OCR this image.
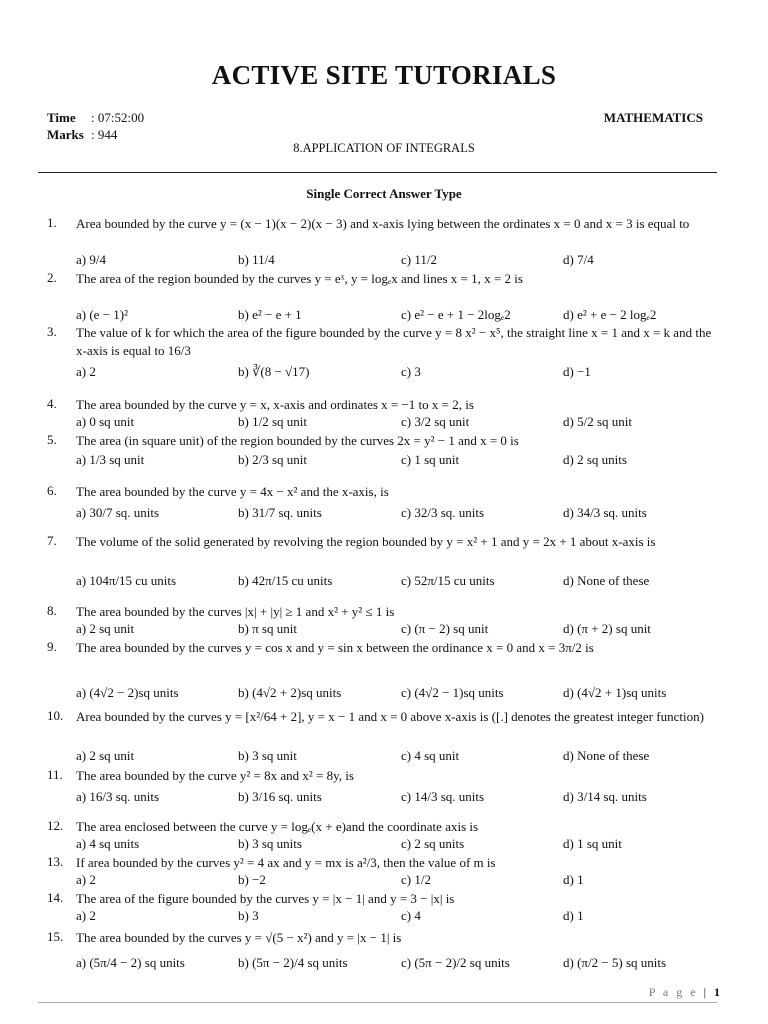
ACTIVE SITE TUTORIALS
Time : 07:52:00
Marks : 944
MATHEMATICS
8.APPLICATION OF INTEGRALS
Single Correct Answer Type
1. Area bounded by the curve y = (x − 1)(x − 2)(x − 3) and x-axis lying between the ordinates x = 0 and x = 3 is equal to
a) 9/4	b) 11/4	c) 11/2	d) 7/4
2. The area of the region bounded by the curves y = eˣ, y = logₑx and lines x = 1, x = 2 is
a) (e − 1)²	b) e² − e + 1	c) e² − e + 1 − 2logₑ2	d) e² + e − 2 logₑ2
3. The value of k for which the area of the figure bounded by the curve y = 8 x² − x⁵, the straight line x = 1 and x = k and the x-axis is equal to 16/3
a) 2	b) ∛(8 − √17)	c) 3	d) −1
4. The area bounded by the curve y = x, x-axis and ordinates x = −1 to x = 2, is
a) 0 sq unit	b) 1/2 sq unit	c) 3/2 sq unit	d) 5/2 sq unit
5. The area (in square unit) of the region bounded by the curves 2x = y² − 1 and x = 0 is
a) 1/3 sq unit	b) 2/3 sq unit	c) 1 sq unit	d) 2 sq units
6. The area bounded by the curve y = 4x − x² and the x-axis, is
a) 30/7 sq. units	b) 31/7 sq. units	c) 32/3 sq. units	d) 34/3 sq. units
7. The volume of the solid generated by revolving the region bounded by y = x² + 1 and y = 2x + 1 about x-axis is
a) 104π/15 cu units	b) 42π/15 cu units	c) 52π/15 cu units	d) None of these
8. The area bounded by the curves |x| + |y| ≥ 1 and x² + y² ≤ 1 is
a) 2 sq unit	b) π sq unit	c) (π − 2) sq unit	d) (π + 2) sq unit
9. The area bounded by the curves y = cos x and y = sin x between the ordinance x = 0 and x = 3π/2 is
a) (4√2 − 2)sq units	b) (4√2 + 2)sq units	c) (4√2 − 1)sq units	d) (4√2 + 1)sq units
10. Area bounded by the curves y = [x²/64 + 2], y = x − 1 and x = 0 above x-axis is ([.] denotes the greatest integer function)
a) 2 sq unit	b) 3 sq unit	c) 4 sq unit	d) None of these
11. The area bounded by the curve y² = 8x and x² = 8y, is
a) 16/3 sq. units	b) 3/16 sq. units	c) 14/3 sq. units	d) 3/14 sq. units
12. The area enclosed between the curve y = logₑ(x + e)and the coordinate axis is
a) 4 sq units	b) 3 sq units	c) 2 sq units	d) 1 sq unit
13. If area bounded by the curves y² = 4 ax and y = mx is a²/3, then the value of m is
a) 2	b) −2	c) 1/2	d) 1
14. The area of the figure bounded by the curves y = |x − 1| and y = 3 − |x| is
a) 2	b) 3	c) 4	d) 1
15. The area bounded by the curves y = √(5 − x²) and y = |x − 1| is
a) (5π/4 − 2) sq units	b) (5π − 2)/4 sq units	c) (5π − 2)/2 sq units	d) (π/2 − 5) sq units
P a g e | 1
